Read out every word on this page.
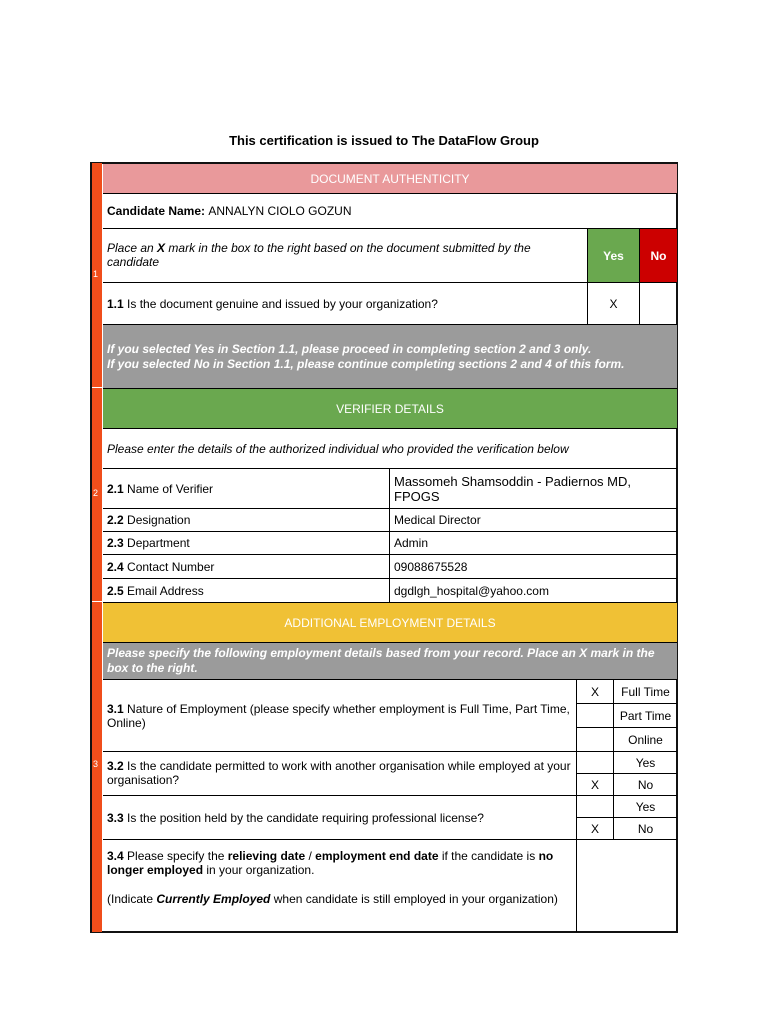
This certification is issued to The DataFlow Group
1
2
3
DOCUMENT AUTHENTICITY
Candidate Name:
ANNALYN CIOLO GOZUN
Place an X mark in the box to the right based on the document submitted by the candidate	Yes	No
1.1 Is the document genuine and issued by your organization?	X
If you selected Yes in Section 1.1, please proceed in completing section 2 and 3 only.
If you selected No in Section 1.1, please continue completing sections 2 and 4 of this form.
VERIFIER DETAILS
Please enter the details of the authorized individual who provided the verification below
2.1 Name of Verifier	Massomeh Shamsoddin - Padiernos MD, FPOGS
2.2 Designation	Medical Director
2.3 Department	Admin
2.4 Contact Number	09088675528
2.5 Email Address	dgdlgh_hospital@yahoo.com
ADDITIONAL EMPLOYMENT DETAILS
Please specify the following employment details based from your record. Place an X mark in the box to the right.
3.1 Nature of Employment (please specify whether employment is Full Time, Part Time, Online)
X	Full Time
Part Time
Online
3.2 Is the candidate permitted to work with another organisation while employed at your organisation?
Yes
X	No
3.3 Is the position held by the candidate requiring professional license?
Yes
X	No
3.4 Please specify the relieving date / employment end date if the candidate is no longer employed in your organization.
(Indicate Currently Employed when candidate is still employed in your organization)
